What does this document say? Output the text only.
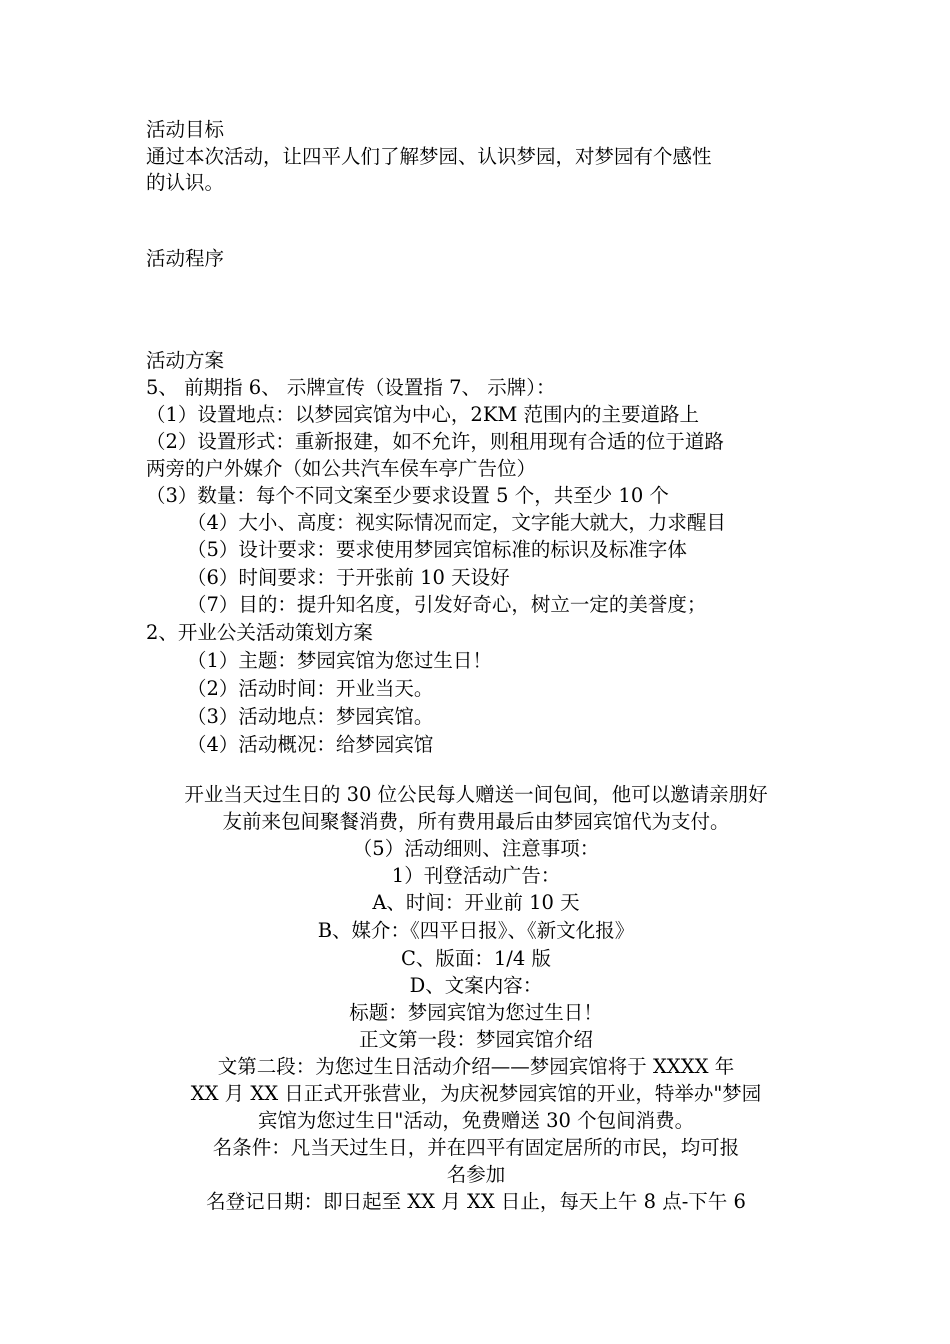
活动目标
通过本次活动，让四平人们了解梦园、认识梦园，对梦园有个感性
的认识。
活动程序
活动方案
5、 前期指 6、 示牌宣传（设置指 7、 示牌）：
（1）设置地点：以梦园宾馆为中心，2KM 范围内的主要道路上
（2）设置形式：重新报建，如不允许，则租用现有合适的位于道路
两旁的户外媒介（如公共汽车侯车亭广告位）
（3）数量：每个不同文案至少要求设置 5 个，共至少 10 个
（4）大小、高度：视实际情况而定，文字能大就大，力求醒目
（5）设计要求：要求使用梦园宾馆标准的标识及标准字体
（6）时间要求：于开张前 10 天设好
（7）目的：提升知名度，引发好奇心，树立一定的美誉度；
2、开业公关活动策划方案
（1）主题：梦园宾馆为您过生日！
（2）活动时间：开业当天。
（3）活动地点：梦园宾馆。
（4）活动概况：给梦园宾馆
开业当天过生日的 30 位公民每人赠送一间包间，他可以邀请亲朋好
友前来包间聚餐消费，所有费用最后由梦园宾馆代为支付。
（5）活动细则、注意事项：
1）刊登活动广告：
A、时间：开业前 10 天
B、媒介：《四平日报》、《新文化报》
C、版面：1/4 版
D、文案内容：
标题：梦园宾馆为您过生日！
正文第一段：梦园宾馆介绍
文第二段：为您过生日活动介绍——梦园宾馆将于 XXXX 年
XX 月 XX 日正式开张营业，为庆祝梦园宾馆的开业，特举办"梦园
宾馆为您过生日"活动，免费赠送 30 个包间消费。
名条件：凡当天过生日，并在四平有固定居所的市民，均可报
名参加
名登记日期：即日起至 XX 月 XX 日止，每天上午 8 点-下午 6
